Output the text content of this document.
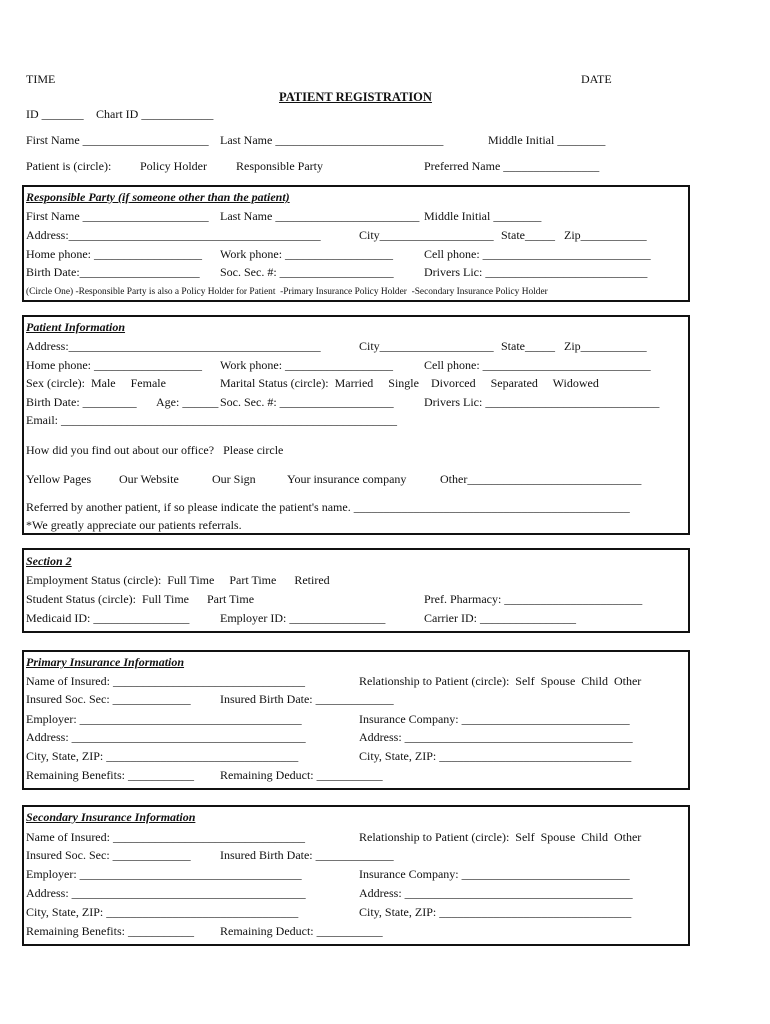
TIME	DATE
PATIENT REGISTRATION
ID _______ Chart ID ____________
First Name _____________________ Last Name ____________________________	Middle Initial ________
Patient is (circle): Policy Holder Responsible Party	Preferred Name ________________
Responsible Party (if someone other than the patient)
First Name _____________________ Last Name ________________________ Middle Initial ________
Address:__________________________________________	City___________________ State_____ Zip___________
Home phone: __________________ Work phone: __________________	Cell phone: ____________________________
Birth Date:____________________ Soc. Sec. #: ___________________	Drivers Lic: ___________________________
(Circle One) -Responsible Party is also a Policy Holder for Patient  -Primary Insurance Policy Holder  -Secondary Insurance Policy Holder
Patient Information
Address:__________________________________________	City___________________ State_____ Zip___________
Home phone: __________________ Work phone: __________________	Cell phone: ____________________________
Sex (circle):  Male     Female	Marital Status (circle):  Married     Single    Divorced     Separated     Widowed
Birth Date: _________ Age: ______ Soc. Sec. #: ___________________	Drivers Lic: _____________________________
Email: ________________________________________________________
How did you find out about our office?   Please circle
Yellow Pages Our Website	Our Sign	Your insurance company	Other_____________________________
Referred by another patient, if so please indicate the patient's name. ______________________________________________
*We greatly appreciate our patients referrals.
Section 2
Employment Status (circle):  Full Time     Part Time      Retired
Student Status (circle):  Full Time      Part Time	Pref. Pharmacy: _______________________
Medicaid ID: ________________	Employer ID: ________________	Carrier ID: ________________
Primary Insurance Information
Name of Insured: ________________________________	Relationship to Patient (circle):  Self  Spouse  Child  Other
Insured Soc. Sec: _____________ Insured Birth Date: _____________
Employer: _____________________________________	Insurance Company: ____________________________
Address: _______________________________________	Address: ______________________________________
City, State, ZIP: ________________________________	City, State, ZIP: ________________________________
Remaining Benefits: ___________ Remaining Deduct: ___________
Secondary Insurance Information
Name of Insured: ________________________________	Relationship to Patient (circle):  Self  Spouse  Child  Other
Insured Soc. Sec: _____________ Insured Birth Date: _____________
Employer: _____________________________________	Insurance Company: ____________________________
Address: _______________________________________	Address: ______________________________________
City, State, ZIP: ________________________________	City, State, ZIP: ________________________________
Remaining Benefits: ___________ Remaining Deduct: ___________
